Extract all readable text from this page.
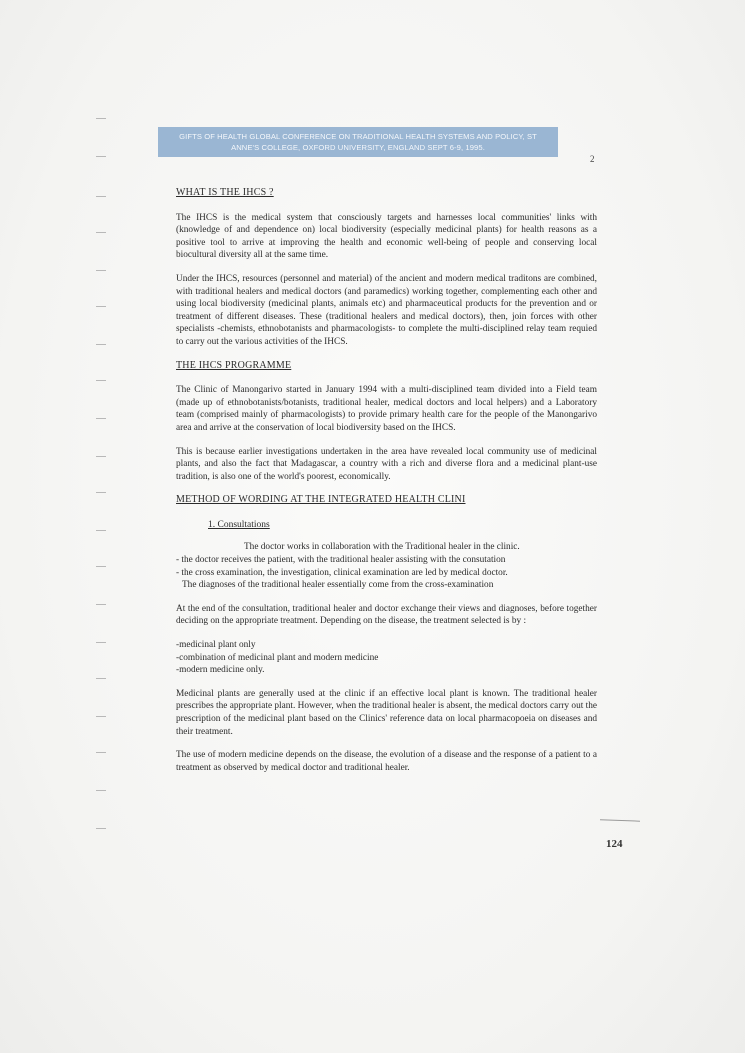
GIFTS OF HEALTH GLOBAL CONFERENCE ON TRADITIONAL HEALTH SYSTEMS AND POLICY, ST ANNE'S COLLEGE, OXFORD UNIVERSITY, ENGLAND SEPT 6-9, 1995.
2
WHAT IS THE IHCS ?

The IHCS is the medical system that consciously targets and harnesses local communities' links with (knowledge of and dependence on) local biodiversity (especially medicinal plants) for health reasons as a positive tool to arrive at improving the health and economic well-being of people and conserving local biocultural diversity all at the same time.

Under the IHCS, resources (personnel and material) of the ancient and modern medical traditons are combined, with traditional healers and medical doctors (and paramedics) working together, complementing each other and using local biodiversity (medicinal plants, animals etc) and pharmaceutical products for the prevention and or treatment of different diseases. These (traditional healers and medical doctors), then, join forces with other specialists -chemists, ethnobotanists and pharmacologists- to complete the multi-disciplined relay team requied to carry out the various activities of the IHCS.

THE IHCS PROGRAMME

The Clinic of Manongarivo started in January 1994 with a multi-disciplined team divided into a Field team (made up of ethnobotanists/botanists, traditional healer, medical doctors and local helpers) and a Laboratory team (comprised mainly of pharmacologists) to provide primary health care for the people of the Manongarivo area and arrive at the conservation of local biodiversity based on the IHCS.

This is because earlier investigations undertaken in the area have revealed local community use of medicinal plants, and also the fact that Madagascar, a country with a rich and diverse flora and a medicinal plant-use tradition, is also one of the world's poorest, economically.

METHOD OF WORDING AT THE INTEGRATED HEALTH CLINI
1. Consultations

The doctor works in collaboration with the Traditional healer in the clinic.

- the doctor receives the patient, with the traditional healer assisting with the consutation

- the cross examination, the investigation, clinical examination are led by medical doctor.

The diagnoses of the traditional healer essentially come from the cross-examination

At the end of the consultation, traditional healer and doctor exchange their views and diagnoses, before together deciding on the appropriate treatment. Depending on the disease, the treatment selected is by :

-medicinal plant only

-combination of medicinal plant and modern medicine

-modern medicine only.

Medicinal plants are generally used at the clinic if an effective local plant is known. The traditional healer prescribes the appropriate plant. However, when the traditional healer is absent, the medical doctors carry out the prescription of the medicinal plant based on the Clinics' reference data on local pharmacopoeia on diseases and their treatment.

The use of modern medicine depends on the disease, the evolution of a disease and the response of a patient to a treatment as observed by medical doctor and traditional healer.

124
